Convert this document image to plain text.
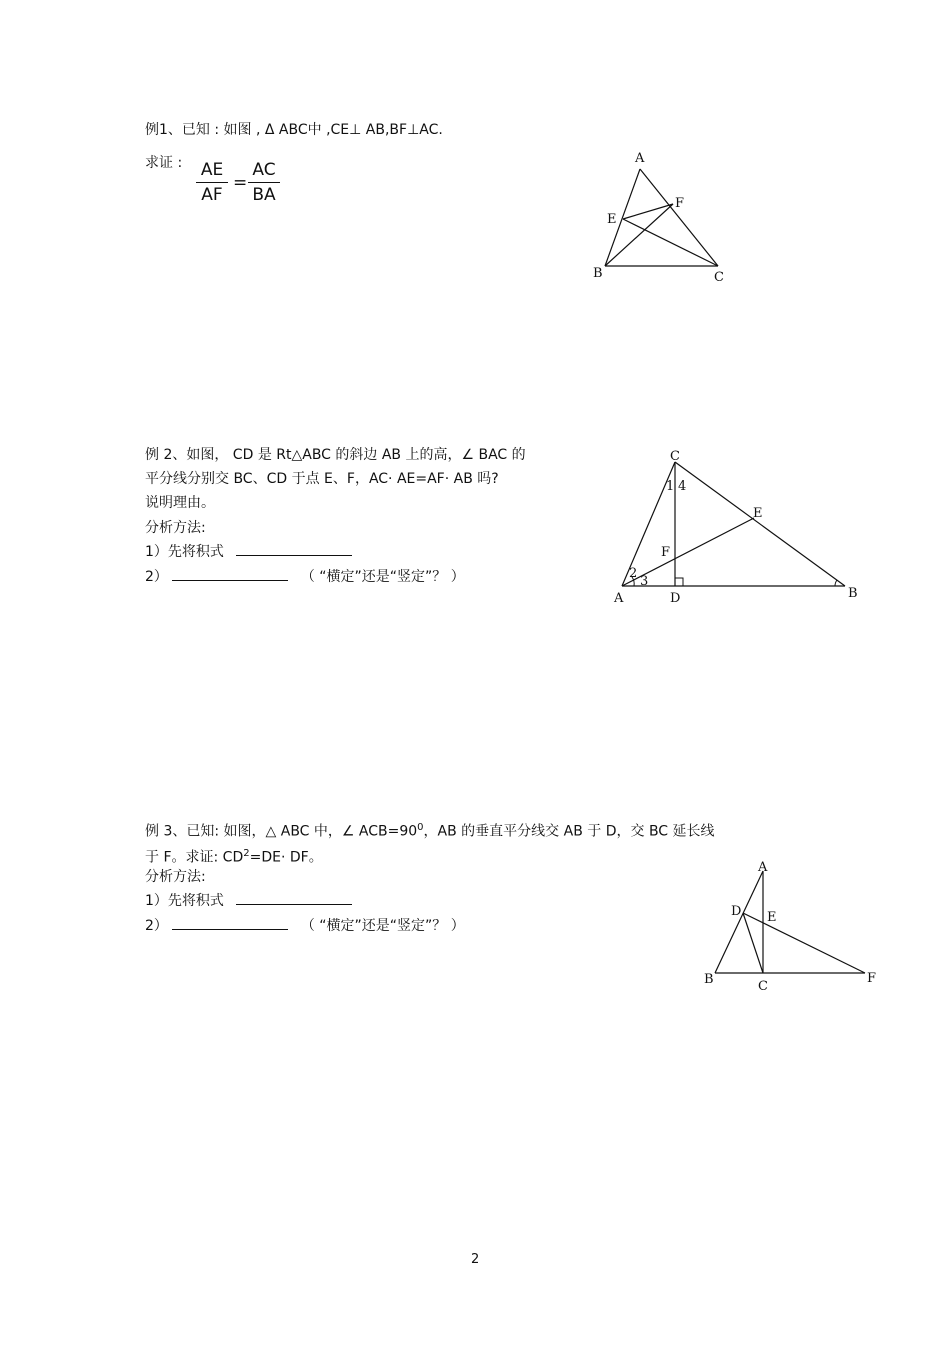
例1、已知 : 如图 , Δ ABC中 ,CE⊥ AB,BF⊥AC.
求证 : AE
AF
=
AC
BA
A
B	C
E
F
例 2、如图， CD 是 Rt△ABC 的斜边 AB 上的高，∠ BAC 的
平分线分别交 BC、CD 于点 E、F，AC· AE=AF· AB 吗?
说明理由。
分析方法:
1）先将积式
2）	（ “横定”还是“竖定”？ ）
C
A	D	B
E
F
1 4
2
3
例 3、已知: 如图，△ ABC 中，∠ $ACB=90^0$，AB 的垂直平分线交 AB 于 D，交 BC 延长线
于 F。求证: $CD^2=DE\cdot$ DF。
分析方法:
1）先将积式
2）	（ “横定”还是“竖定”？ ）
A
B	C
D E
F
2
